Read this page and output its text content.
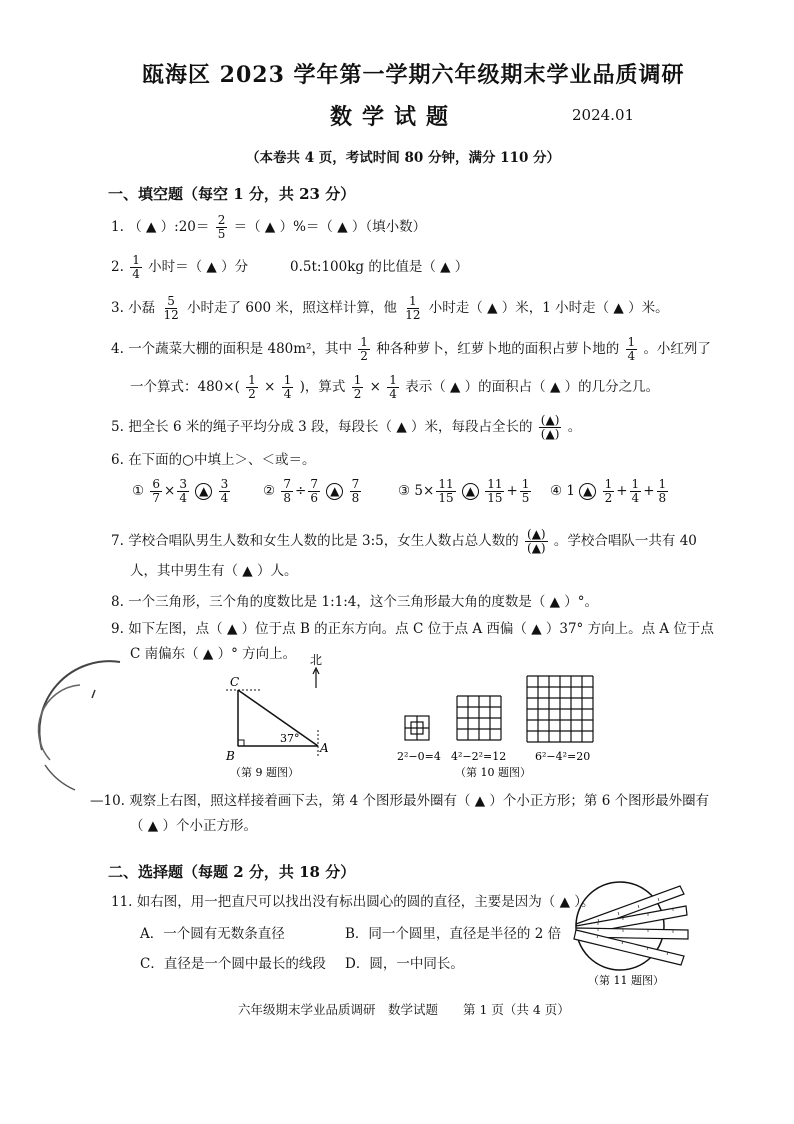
瓯海区 2023 学年第一学期六年级期末学业品质调研
数学试题	2024.01
（本卷共 4 页，考试时间 80 分钟，满分 110 分）
一、填空题（每空 1 分，共 23 分）
1. （ ▲ ）:20＝ $\frac{2}{5}$ ＝（ ▲ ）%＝（ ▲ ）（填小数）
2. $\frac{1}{4}$ 小时＝（ ▲ ）分	0.5t:100kg 的比值是（ ▲ ）
3. 小磊 $\frac{5}{12}$ 小时走了 600 米，照这样计算，他 $\frac{1}{12}$ 小时走（ ▲ ）米，1 小时走（ ▲ ）米。
4. 一个蔬菜大棚的面积是 480m²，其中 $\frac{1}{2}$ 种各种萝卜，红萝卜地的面积占萝卜地的 $\frac{1}{4}$ 。小红列了
一个算式：$480\times( \frac{1}{2} \times \frac{1}{4}$ )，算式 $\frac{1}{2} \times \frac{1}{4}$ 表示（ ▲ ）的面积占（ ▲ ）的几分之几。
5. 把全长 6 米的绳子平均分成 3 段，每段长（ ▲ ）米，每段占全长的 $\frac{(▲)}{(▲)}$ 。
6. 在下面的○中填上＞、＜或＝。
① $\frac{6}{7} \times \frac{3}{4}$ ▲ $\frac{3}{4}$ ② $\frac{7}{8} \div \frac{7}{6}$ ▲ $\frac{7}{8}$	③ $5\times \frac{11}{15}$ ▲ $\frac{11}{15} + \frac{1}{5}$ ④ 1 ▲ $\frac{1}{2} + \frac{1}{4} + \frac{1}{8}$
7. 学校合唱队男生人数和女生人数的比是 3:5，女生人数占总人数的 $\frac{(▲)}{(▲)}$ 。学校合唱队一共有 40
人，其中男生有（ ▲ ）人。
8. 一个三角形，三个角的度数比是 1:1:4，这个三角形最大角的度数是（ ▲ ）°。
9. 如下左图，点（ ▲ ）位于点 B 的正东方向。点 C 位于点 A 西偏（ ▲ ）37° 方向上。点 A 位于点
C 南偏东（ ▲ ）° 方向上。 北
C
B
A
37°
（第 9 题图）
2²−0=4 4²−2²=12	6²−4²=20
（第 10 题图）
—10. 观察上右图，照这样接着画下去，第 4 个图形最外圈有（ ▲ ）个小正方形；第 6 个图形最外圈有
（ ▲ ）个小正方形。
二、选择题（每题 2 分，共 18 分）
11. 如右图，用一把直尺可以找出没有标出圆心的圆的直径，主要是因为（ ▲ ）。
A．一个圆有无数条直径	B．同一个圆里，直径是半径的 2 倍
C．直径是一个圆中最长的线段 D．圆，一中同长。
（第 11 题图）
六年级期末学业品质调研　数学试题　　第 1 页（共 4 页）
